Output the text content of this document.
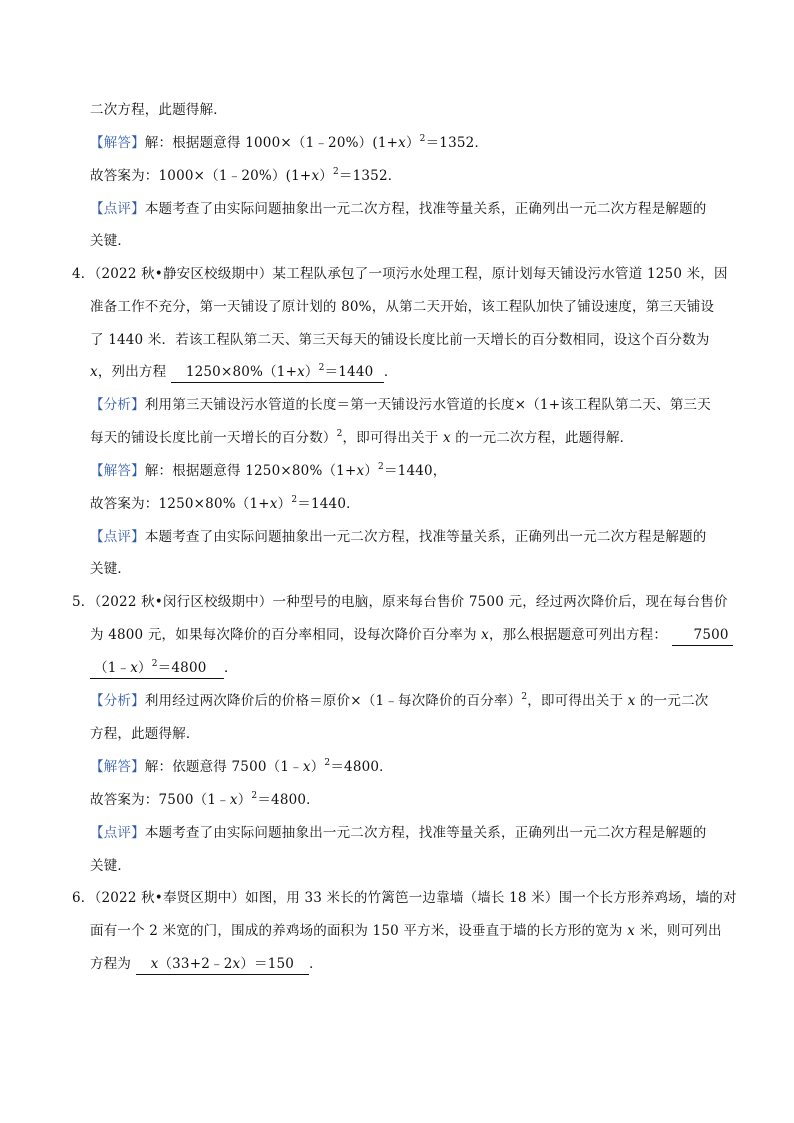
二次方程，此题得解．
【 解答 】 解：根据题意得 1000×（1﹣20%）(1+x）$^2$＝1352．
故答案为：1000×（1﹣20%）(1+x）$^2$＝1352．
【 点评 】 本题考查了由实际问题抽象出一元二次方程，找准等量关系，正确列出一元二次方程是解题的
关键．
4．（2022 秋•静安区校级期中）某工程队承包了一项污水处理工程，原计划每天铺设污水管道 1250 米，因
准备工作不充分，第一天铺设了原计划的 80%，从第二天开始，该工程队加快了铺设速度，第三天铺设
了 1440 米．若该工程队第二天、第三天每天的铺设长度比前一天增长的百分数相同，设这个百分数为
x，列出方程 $1250\times 80\%(1+x)^2=1440$ ．
【 分析 】 利用第三天铺设污水管道的长度＝第一天铺设污水管道的长度×（1+该工程队第二天、第三天
每天的铺设长度比前一天增长的百分数）$^2$，即可得出关于 x 的一元二次方程，此题得解．
【 解答 】 解：根据题意得 $1250\times 80\%(1+x)^2=1440$，
故答案为：$1250\times 80\%(1+x)^2=1440$．
【 点评 】 本题考查了由实际问题抽象出一元二次方程，找准等量关系，正确列出一元二次方程是解题的
关键．
5．（2022 秋•闵行区校级期中）一种型号的电脑，原来每台售价 7500 元，经过两次降价后，现在每台售价
为 4800 元，如果每次降价的百分率相同，设每次降价百分率为 x，那么根据题意可列出方程： 7500
（1﹣x）$^2$＝4800 ．
【 分析 】 利用经过两次降价后的价格＝原价×（1﹣每次降价的百分率）$^2$，即可得出关于 x 的一元二次
方程，此题得解．
【 解答 】 解：依题意得 7500（1﹣x）$^2$＝4800．
故答案为：7500（1﹣x）$^2$＝4800．
【 点评 】 本题考查了由实际问题抽象出一元二次方程，找准等量关系，正确列出一元二次方程是解题的
关键．
6．（2022 秋•奉贤区期中）如图，用 33 米长的竹篱笆一边靠墙（墙长 18 米）围一个长方形养鸡场，墙的对
面有一个 2 米宽的门，围成的养鸡场的面积为 150 平方米，设垂直于墙的长方形的宽为 x 米，则可列出
方程为 x（33+2﹣2x）＝150 ．
